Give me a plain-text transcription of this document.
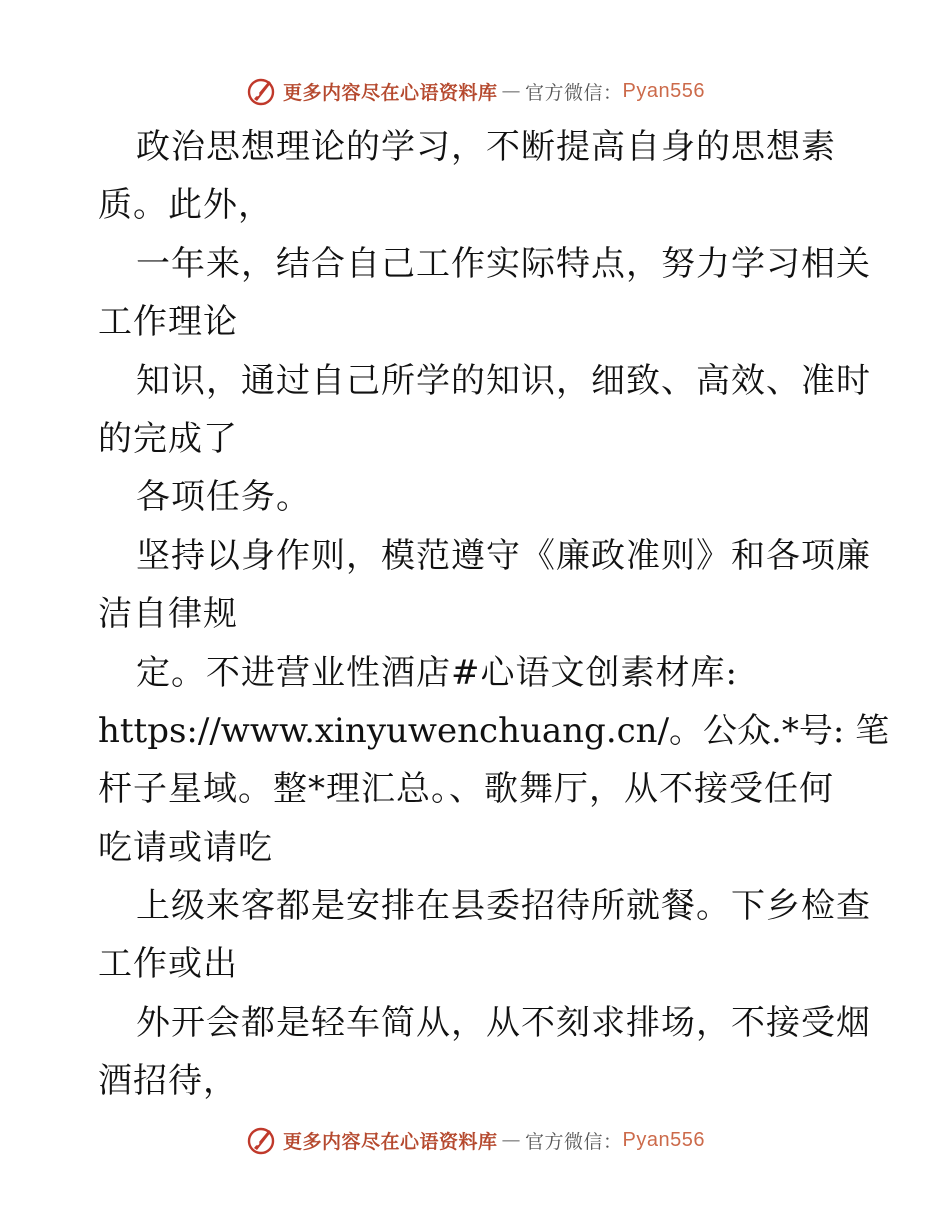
更多内容尽在心语资料库 — 官方微信： Pyan556
政治思想理论的学习，不断提高自身的思想素
质。此外，
一年来，结合自己工作实际特点，努力学习相关
工作理论
知识，通过自己所学的知识，细致、高效、准时
的完成了
各项任务。
坚持以身作则，模范遵守《廉政准则》和各项廉
洁自律规
定。不进营业性酒店#心语文创素材库:
https://www.xinyuwenchuang.cn/。公众.*号: 笔
杆子星域。整*理汇总。、歌舞厅，从不接受任何
吃请或请吃
上级来客都是安排在县委招待所就餐。下乡检查
工作或出
外开会都是轻车简从，从不刻求排场，不接受烟
酒招待，
更多内容尽在心语资料库 — 官方微信： Pyan556
